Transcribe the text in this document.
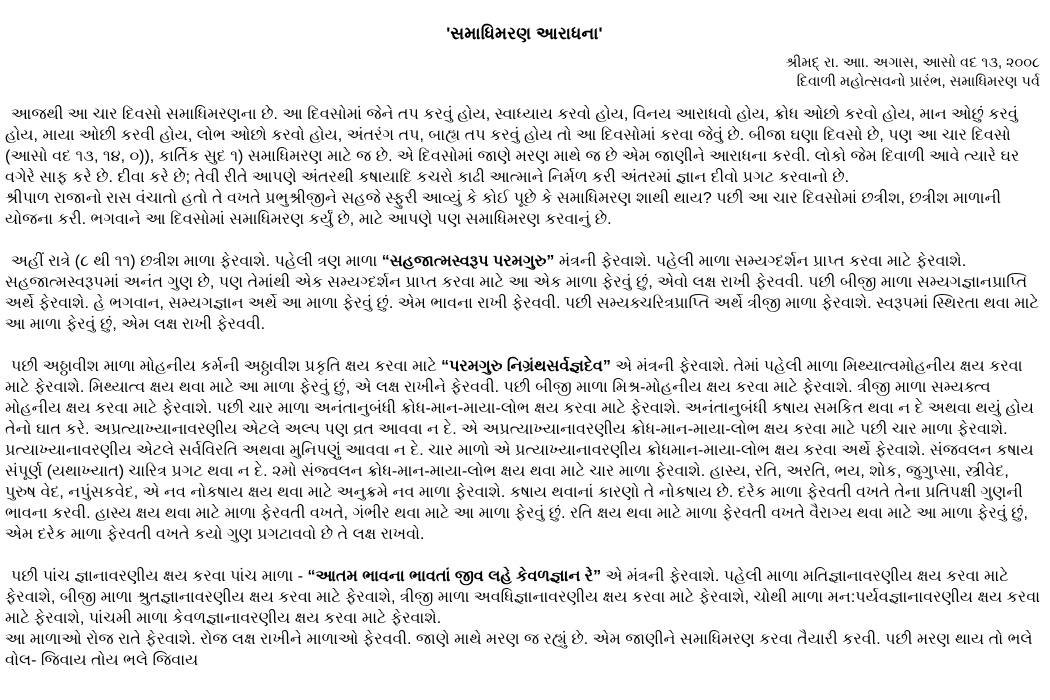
'સમાધિમરણ આરાધના'
શ્રીમદ્ રા. આા. અગાસ, આસો વદ ૧૩, ૨૦૦૮
દિવાળી મહોત્સવનો પ્રારંભ, સમાધિમરણ પર્વ

આજથી આ ચાર દિવસો સમાધિમરણના છે. આ દિવસોમાં જેને તપ કરવું હોય, સ્વાધ્યાય કરવો હોય, વિનય આરાધવો હોય, ક્રોધ ઓછો કરવો હોય, માન ઓછું કરવું હોય, માયા ઓછી કરવી હોય, લોભ ઓછો કરવો હોય, અંતરંગ તપ, બાહ્ય તપ કરવું હોય તો આ દિવસોમાં કરવા જેવું છે. બીજા ઘણા દિવસો છે, પણ આ ચાર દિવસો (આસો વદ ૧૩, ૧૪, ૦)), કાર્તિક સુદ ૧) સમાધિમરણ માટે જ છે. એ દિવસોમાં જાણે મરણ માથે જ છે એમ જાણીને આરાધના કરવી. લોકો જેમ દિવાળી આવે ત્યારે ઘર વગેરે સાફ કરે છે. દીવા કરે છે; તેવી રીતે આપણે અંતરથી કષાયાદિ કચરો કાઢી આત્માને નિર્મળ કરી અંતરમાં જ્ઞાન દીવો પ્રગટ કરવાનો છે.

શ્રીપાળ રાજાનો રાસ વંચાતો હતો તે વખતે પ્રભુશ્રીજીને સહજે સ્ફુરી આવ્યું કે કોઈ પૂછે કે સમાધિમરણ શાથી થાય? પછી આ ચાર દિવસોમાં છત્રીશ, છત્રીશ માળાની યોજના કરી. ભગવાને આ દિવસોમાં સમાધિમરણ કર્યું છે, માટે આપણે પણ સમાધિમરણ કરવાનું છે.

અહીં રાત્રે (૮ થી ૧૧) છત્રીશ માળા ફેરવાશે. પહેલી ત્રણ માળા “સહજાત્મસ્વરૂપ પરમગુરુ” મંત્રની ફેરવાશે. પહેલી માળા સમ્યગ્દર્શન પ્રાપ્ત કરવા માટે ફેરવાશે. સહજાત્મસ્વરૂપમાં અનંત ગુણ છે, પણ તેમાંથી એક સમ્યગ્દર્શન પ્રાપ્ત કરવા માટે આ એક માળા ફેરવું છું, એવો લક્ષ રાખી ફેરવવી. પછી બીજી માળા સમ્યગજ્ઞાનપ્રાપ્તિ અર્થે ફેરવાશે. હે ભગવાન, સમ્યગજ્ઞાન અર્થે આ માળા ફેરવું છું. એમ ભાવના રાખી ફેરવવી. પછી સમ્યક્ચરિત્રપ્રાપ્તિ અર્થે ત્રીજી માળા ફેરવાશે. સ્વરૂપમાં સ્થિરતા થવા માટે આ માળા ફેરવું છું, એમ લક્ષ રાખી ફેરવવી.

પછી અઠ્ઠાવીશ માળા મોહનીય કર્મની અઠ્ઠાવીશ પ્રકૃતિ ક્ષય કરવા માટે “પરમગુરુ નિગ્રંથસર્વજ્ઞદેવ” એ મંત્રની ફેરવાશે. તેમાં પહેલી માળા મિથ્યાત્વમોહનીય ક્ષય કરવા માટે ફેરવાશે. મિથ્યાત્વ ક્ષય થવા માટે આ માળા ફેરવું છું, એ લક્ષ રાખીને ફેરવવી. પછી બીજી માળા મિશ્ર-મોહનીય ક્ષય કરવા માટે ફેરવાશે. ત્રીજી માળા સમ્યક્ત્વ મોહનીય ક્ષય કરવા માટે ફેરવાશે. પછી ચાર માળા અનંતાનુબંધી ક્રોધ-માન-માયા-લોભ ક્ષય કરવા માટે ફેરવાશે. અનંતાનુબંધી કષાય સમકિત થવા ન દે અથવા થયું હોય તેનો ઘાત કરે. અપ્રત્યાખ્યાનાવરણીય એટલે અલ્પ પણ વ્રત આવવા ન દે. એ અપ્રત્યાખ્યાનાવરણીય ક્રોધ-માન-માયા-લોભ ક્ષય કરવા માટે પછી ચાર માળા ફેરવાશે. પ્રત્યાખ્યાનાવરણીય એટલે સર્વવિરતિ અથવા મુનિપણું આવવા ન દે. ચાર માળો એ પ્રત્યાખ્યાનાવરણીય ક્રોધમાન-માયા-લોભ ક્ષય કરવા અર્થે ફેરવાશે. સંજવલન કષાય સંપૂર્ણ (યથાખ્યાત) ચારિત્ર પ્રગટ થવા ન દે. ૨મો સંજ્વલન ક્રોધ-માન-માયા-લોભ ક્ષય થવા માટે ચાર માળા ફેરવાશે. હાસ્ય, રતિ, અરતિ, ભય, શોક, જુગુપ્સા, સ્ત્રીવેદ, પુરુષ વેદ, નપુંસકવેદ, એ નવ નોકષાય ક્ષય થવા માટે અનુક્રમે નવ માળા ફેરવાશે. કષાય થવાનાં કારણો તે નોકષાય છે. દરેક માળા ફેરવતી વખતે તેના પ્રતિપક્ષી ગુણની ભાવના કરવી. હાસ્ય ક્ષય થવા માટે માળા ફેરવતી વખતે, ગંભીર થવા માટે આ માળા ફેરવું છું. રતિ ક્ષય થવા માટે માળા ફેરવતી વખતે વૈરાગ્ય થવા માટે આ માળા ફેરવું છું, એમ દરેક માળા ફેરવતી વખતે કયો ગુણ પ્રગટાવવો છે તે લક્ષ રાખવો.

પછી પાંચ જ્ઞાનાવરણીય ક્ષય કરવા પાંચ માળા - “આતમ ભાવના ભાવતાં જીવ લહે કેવળજ્ઞાન રે” એ મંત્રની ફેરવાશે. પહેલી માળા મતિજ્ઞાનાવરણીય ક્ષય કરવા માટે ફેરવાશે, બીજી માળા શ્રુતજ્ઞાનાવરણીય ક્ષય કરવા માટે ફેરવાશે, ત્રીજી માળા અવધિજ્ઞાનાવરણીય ક્ષય કરવા માટે ફેરવાશે, ચોથી માળા મન:પર્યવજ્ઞાનાવરણીય ક્ષય કરવા માટે ફેરવાશે, પાંચમી માળા કેવળજ્ઞાનાવરણીય ક્ષય કરવા માટે ફેરવાશે.

આ માળાઓ રોજ રાતે ફેરવાશે. રોજ લક્ષ રાખીને માળાઓ ફેરવવી. જાણે માથે મરણ જ રહ્યું છે. એમ જાણીને સમાધિમરણ કરવા તૈયારી કરવી. પછી મરણ થાય તો ભલે વોલ- જિવાય તોય ભલે જિવાય
